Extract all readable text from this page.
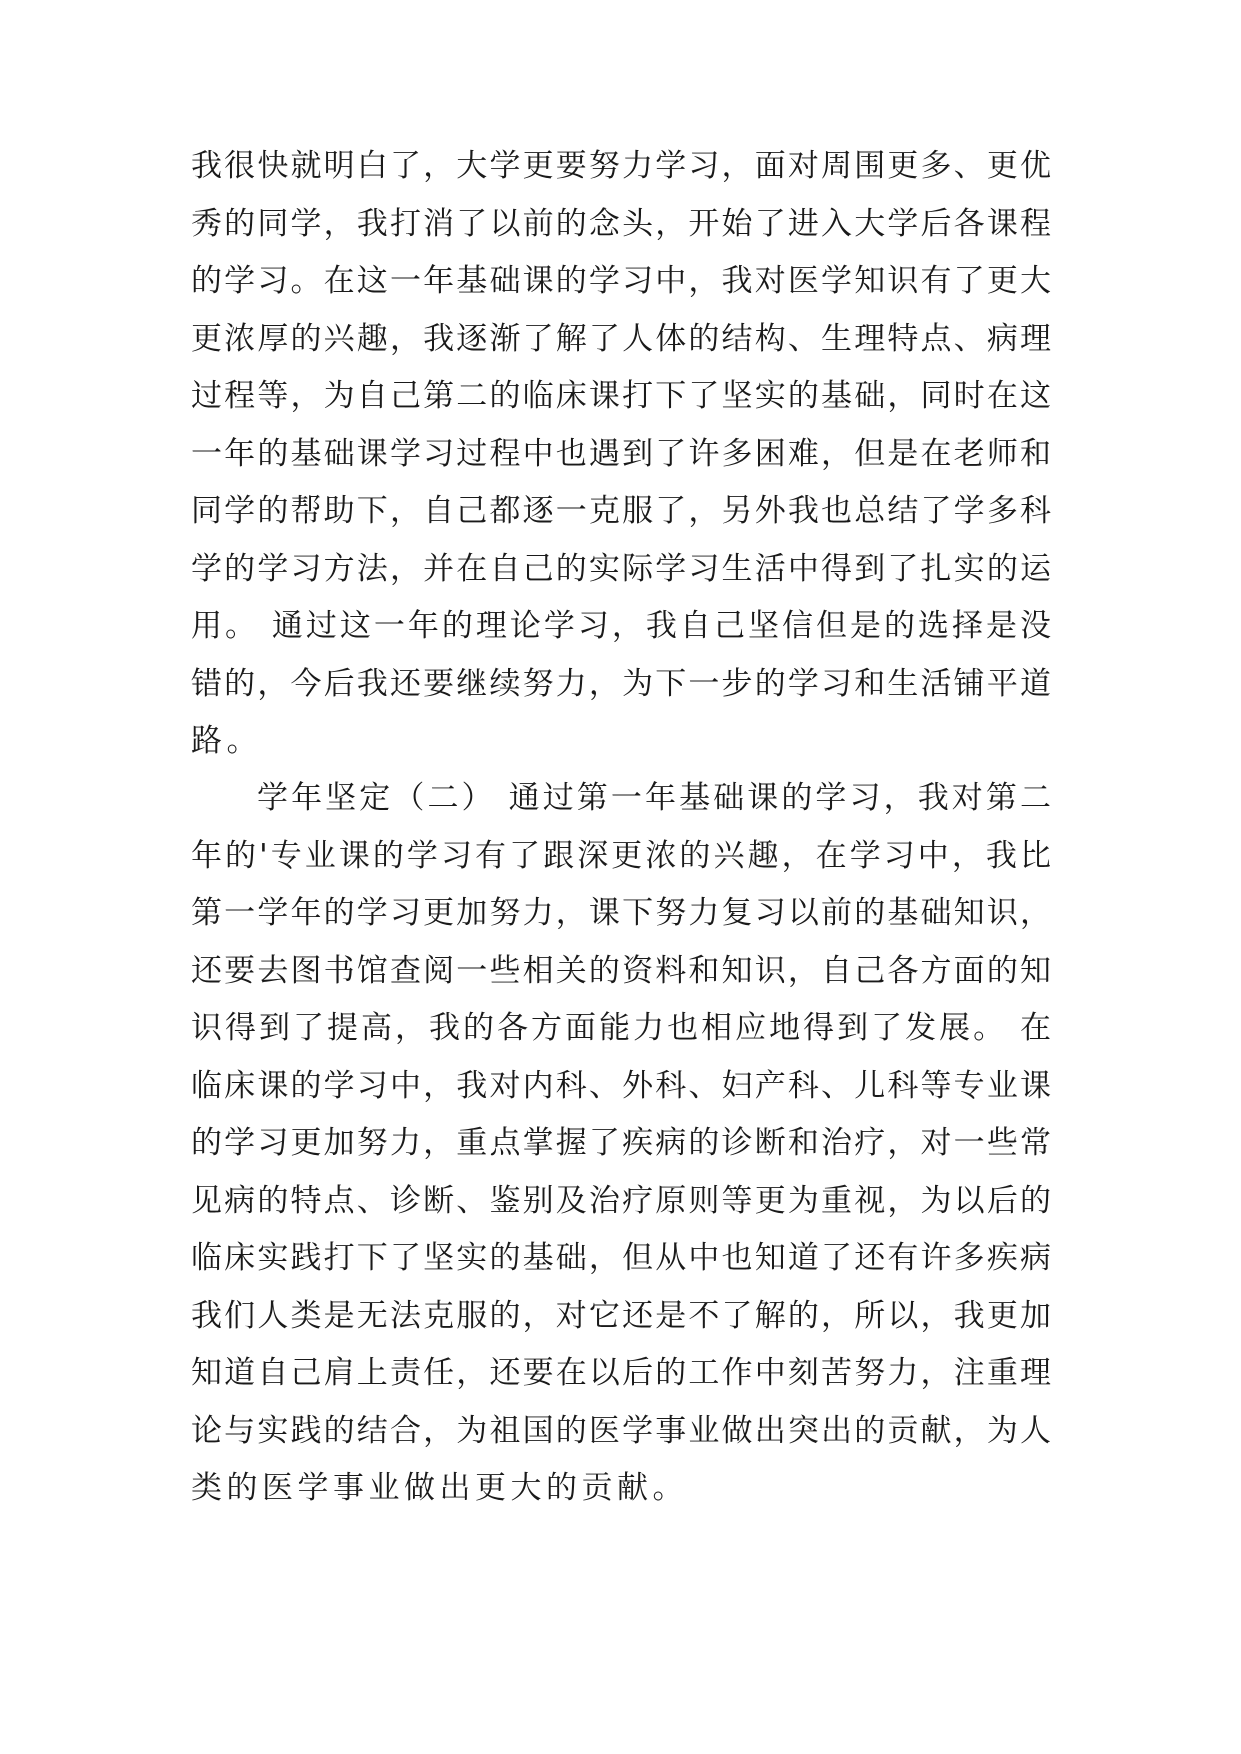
我很快就明白了，大学更要努力学习，面对周围更多、更优
秀的同学，我打消了以前的念头，开始了进入大学后各课程
的学习。在这一年基础课的学习中，我对医学知识有了更大
更浓厚的兴趣，我逐渐了解了人体的结构、生理特点、病理
过程等，为自己第二的临床课打下了坚实的基础，同时在这
一年的基础课学习过程中也遇到了许多困难，但是在老师和
同学的帮助下，自己都逐一克服了，另外我也总结了学多科
学的学习方法，并在自己的实际学习生活中得到了扎实的运
用。 通过这一年的理论学习，我自己坚信但是的选择是没
错的，今后我还要继续努力，为下一步的学习和生活铺平道
路。
学年坚定（二） 通过第一年基础课的学习，我对第二
年的'专业课的学习有了跟深更浓的兴趣，在学习中，我比
第一学年的学习更加努力，课下努力复习以前的基础知识，
还要去图书馆查阅一些相关的资料和知识，自己各方面的知
识得到了提高，我的各方面能力也相应地得到了发展。 在
临床课的学习中，我对内科、外科、妇产科、儿科等专业课
的学习更加努力，重点掌握了疾病的诊断和治疗，对一些常
见病的特点、诊断、鉴别及治疗原则等更为重视，为以后的
临床实践打下了坚实的基础，但从中也知道了还有许多疾病
我们人类是无法克服的，对它还是不了解的，所以，我更加
知道自己肩上责任，还要在以后的工作中刻苦努力，注重理
论与实践的结合，为祖国的医学事业做出突出的贡献，为人
类的医学事业做出更大的贡献。
